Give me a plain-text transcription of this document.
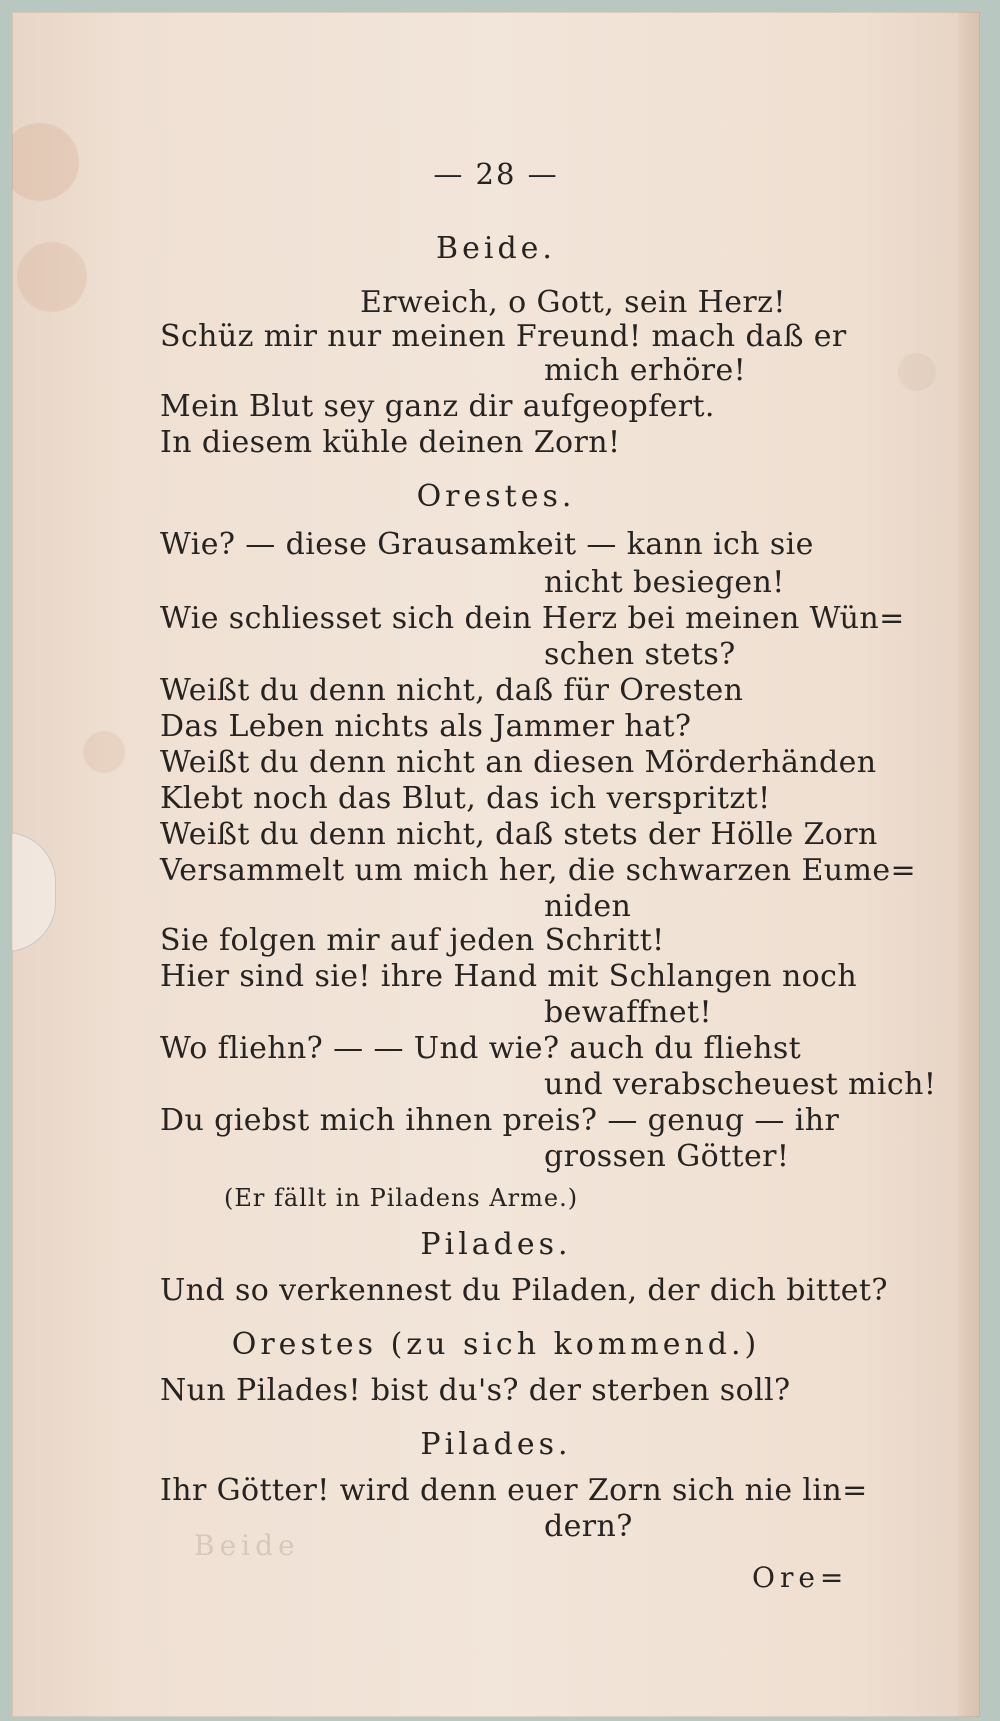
— 28 —
Beide.
Erweich, o Gott, sein Herz!
Schüz mir nur meinen Freund! mach daß er
mich erhöre!
Mein Blut sey ganz dir aufgeopfert.
In diesem kühle deinen Zorn!
Orestes.
Wie? — diese Grausamkeit — kann ich sie
nicht besiegen!
Wie schliesset sich dein Herz bei meinen Wün=
schen stets?
Weißt du denn nicht, daß für Oresten
Das Leben nichts als Jammer hat?
Weißt du denn nicht an diesen Mörderhänden
Klebt noch das Blut, das ich verspritzt!
Weißt du denn nicht, daß stets der Hölle Zorn
Versammelt um mich her, die schwarzen Eume=
niden
Sie folgen mir auf jeden Schritt!
Hier sind sie! ihre Hand mit Schlangen noch
bewaffnet!
Wo fliehn? — — Und wie? auch du fliehst
und verabscheuest mich!
Du giebst mich ihnen preis? — genug — ihr
grossen Götter!
(Er fällt in Piladens Arme.)
Pilades.
Und so verkennest du Piladen, der dich bittet?
Orestes (zu sich kommend.)
Nun Pilades! bist du's? der sterben soll?
Pilades.
Ihr Götter! wird denn euer Zorn sich nie lin=
dern?
Beide
Ore=
